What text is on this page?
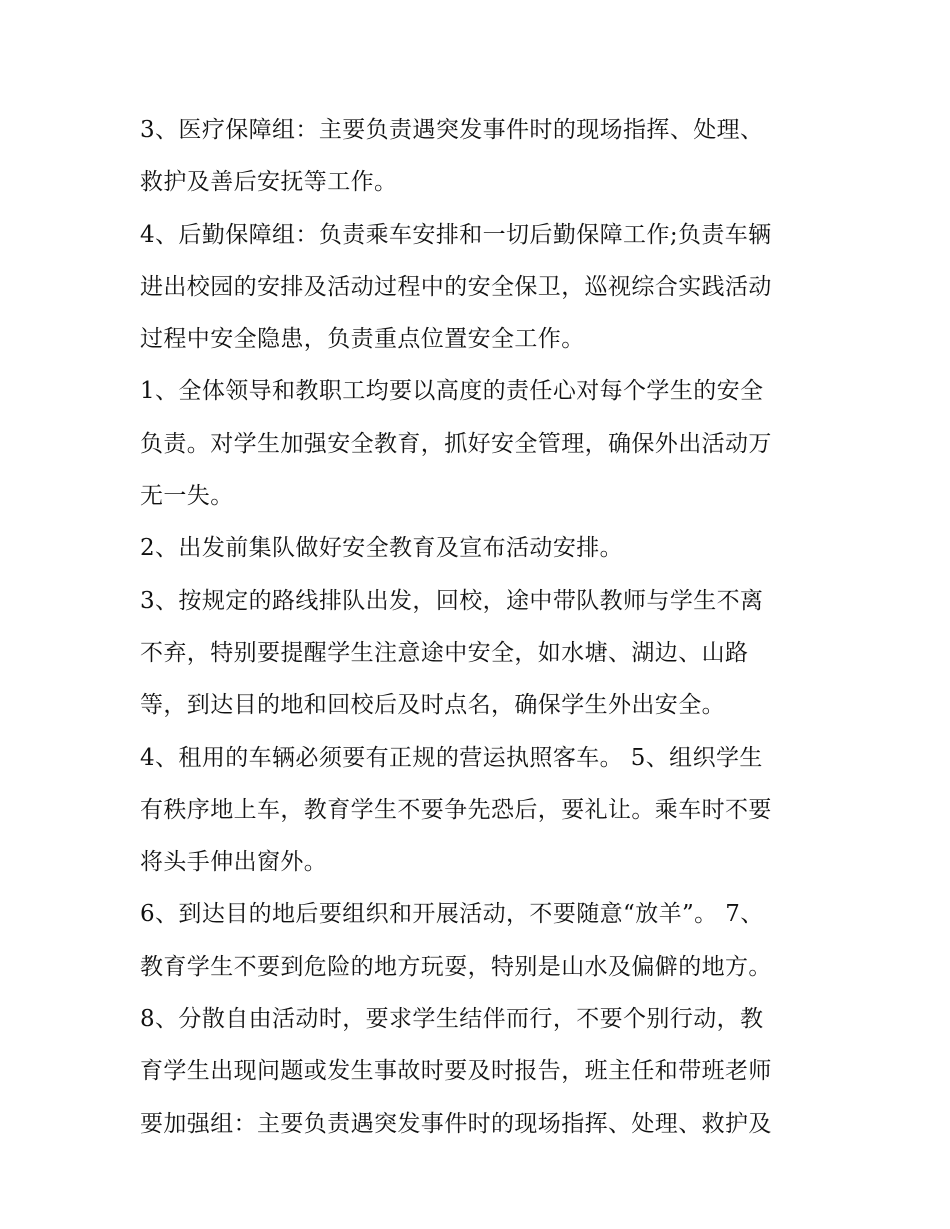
3、医疗保障组：主要负责遇突发事件时的现场指挥、处理、
救护及善后安抚等工作。
4、后勤保障组：负责乘车安排和一切后勤保障工作;负责车辆
进出校园的安排及活动过程中的安全保卫，巡视综合实践活动
过程中安全隐患，负责重点位置安全工作。
1、全体领导和教职工均要以高度的责任心对每个学生的安全
负责。对学生加强安全教育，抓好安全管理，确保外出活动万
无一失。
2、出发前集队做好安全教育及宣布活动安排。
3、按规定的路线排队出发，回校，途中带队教师与学生不离
不弃，特别要提醒学生注意途中安全，如水塘、湖边、山路
等，到达目的地和回校后及时点名，确保学生外出安全。
4、租用的车辆必须要有正规的营运执照客车。 5、组织学生
有秩序地上车，教育学生不要争先恐后，要礼让。乘车时不要
将头手伸出窗外。
6、到达目的地后要组织和开展活动，不要随意“放羊”。 7、
教育学生不要到危险的地方玩耍，特别是山水及偏僻的地方。
8、分散自由活动时，要求学生结伴而行，不要个别行动，教
育学生出现问题或发生事故时要及时报告，班主任和带班老师
要加强组：主要负责遇突发事件时的现场指挥、处理、救护及
